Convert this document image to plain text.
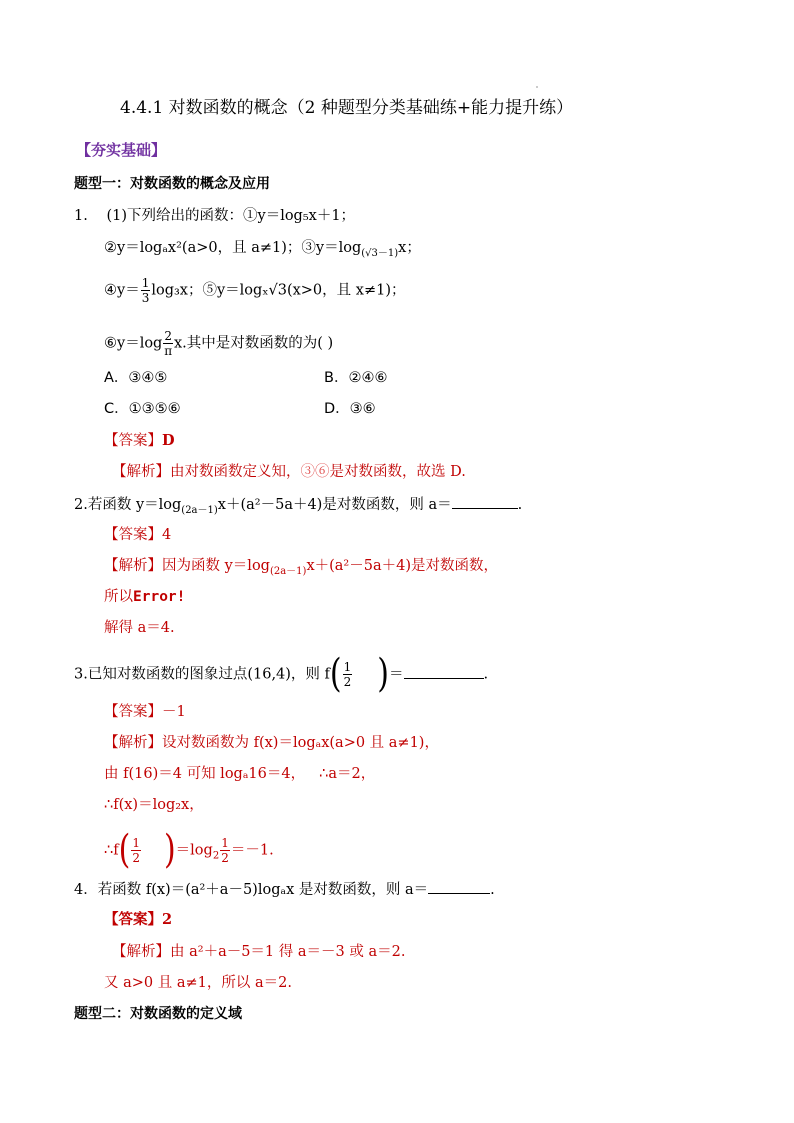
4.4.1 对数函数的概念（2 种题型分类基础练+能力提升练）
【夯实基础】
题型一：对数函数的概念及应用
1. (1)下列给出的函数：①y＝log₅x＋1；
②y＝logₐx²(a>0，且 a≠1)；$③y=\log_{(√3-1)}x$；
④y＝ $\frac{1}{3} \log_3x$；⑤y＝logₓ√3(x>0，且 x≠1)；
⑥y＝log $\frac{2}{\pi} x$.其中是对数函数的为( )
A．③④⑤	B．②④⑥
C．①③⑤⑥	D．③⑥
【答案】D
【解析】由对数函数定义知，③⑥是对数函数，故选 D.
2.若函数 $y=\log_{(2a-1)}x+(a^2-5a+4)$是对数函数，则 a＝	.
【答案】4
【解析】因为函数 $y=\log_{(2a-1)}x+(a^2-5a+4)$是对数函数，
所以Error!
解得 a＝4.
3.已知对数函数的图象过点(16,4)，则 $f( \frac{1}{2}$ )＝	.
【答案】－1
【解析】设对数函数为 f(x)＝logₐx(a>0 且 a≠1)，
由 f(16)＝4 可知 logₐ16＝4， ∴a＝2，
∴f(x)＝log₂x，
∴f( $\frac{1}{2} )=\log_2 \frac{1}{2} =-1$.
4．若函数 f(x)＝(a²＋a－5)logₐx 是对数函数，则 a＝	.
【答案】2
【解析】由 a²＋a－5＝1 得 a＝－3 或 a＝2.
又 a>0 且 a≠1，所以 a＝2.
题型二：对数函数的定义域
